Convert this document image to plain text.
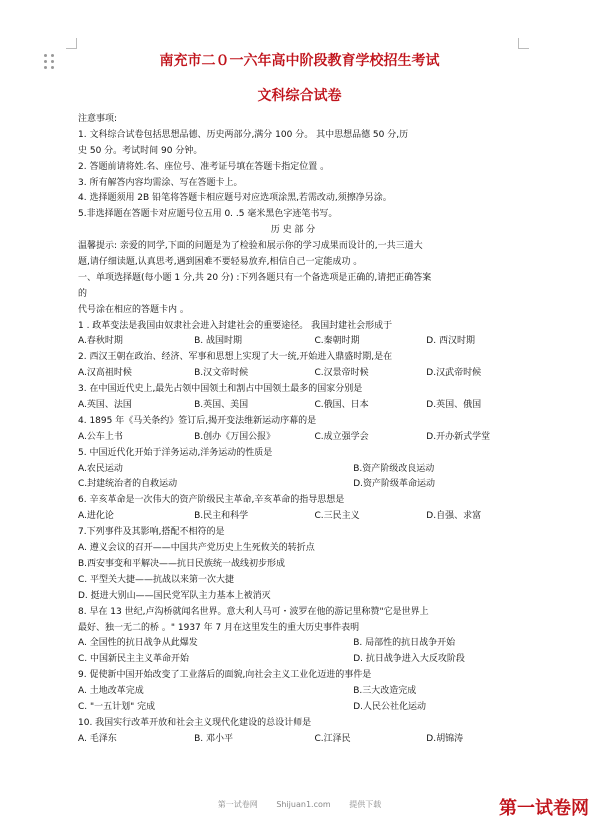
南充市二０一六年高中阶段教育学校招生考试
文科综合试卷
注意事项:
1. 文科综合试卷包括思想品德、历史两部分,满分 100 分。 其中思想品德 50 分,历
史 50 分。考试时间 90 分钟。
2. 答题前请将姓.名、座位号、准考证号填在答题卡指定位置 。
3. 所有解答内容均需涂、写在答题卡上。
4. 选择题须用 2B 铅笔将答题卡相应题号对应选项涂黑,若需改动,须擦净另涂。
5.非选择题在答题卡对应题号位五用 0. .5 毫米黑色字迹笔书写。
历 史 部 分
温馨提示: 亲爱的同学,下面的问题是为了检验和展示你的学习成果而设计的,一共三道大
题,请仔细读题,认真思考,遇到困难不要轻易放弃,相信自己一定能成功 。
一、单项选择题(每小题 1 分,共 20 分) :下列各题只有一个备选项是正确的,请把正确答案
的
代号涂在相应的答题卡内 。
1 . 政革变法是我国由奴隶社会进入封建社会的重要途径。 我国封建社会形成于
A.春秋时期	B. 战国时期	C.秦朝时期	D. 西汉时期
2. 西汉王朝在政治、经济、军事和思想上实现了大一统,开始进入鼎盛时期,是在
A.汉高祖时候	B.汉文帝时候	C.汉景帝时候	D.汉武帝时候
3. 在中国近代史上,最先占领中国领土和割占中国领土最多的国家分别是
A.英国、法国	B.英国、美国	C.俄国、日本	D.英国、俄国
4. 1895 年《马关条约》签订后,揭开变法维新运动序幕的是
A.公车上书	B.创办《万国公报》	C.成立强学会	D.开办新式学堂
5. 中国近代化开始于洋务运动,洋务运动的性质是
A.农民运动	B.资产阶级改良运动
C.封建统治者的自救运动	D.资产阶级革命运动
6. 辛亥革命是一次伟大的资产阶级民主革命,辛亥革命的指导思想是
A.进化论	B.民主和科学	C.三民主义	D.自强、求富
7.下列事件及其影响,搭配不相符的是
A. 遵义会议的召开——中国共产党历史上生死攸关的转折点
B.西安事变和平解决——抗日民族统一战线初步形成
C. 平型关大捷——抗战以来第一次大捷
D. 挺进大别山——国民党军队主力基本上被消灭
8. 早在 13 世纪,卢沟桥就闻名世界。意大利人马可・波罗在他的游记里称赞"它是世界上
最好、独一无二的桥 。" 1937 年 7 月在这里发生的重大历史事件表明
A. 全国性的抗日战争从此爆发	B. 局部性的抗日战争开始
C. 中国新民主主义革命开始	D. 抗日战争进入大反攻阶段
9. 促使新中国开始改变了工业落后的面貌,向社会主义工业化迈进的事件是
A. 土地改革完成	B.三大改造完成
C. "一五计划" 完成	D.人民公社化运动
10. 我国实行改革开放和社会主义现代化建设的总设计师是
A. 毛泽东	B. 邓小平	C.江泽民	D.胡锦涛
第一试卷网 Shijuan1.com 提供下载	第一试卷网
